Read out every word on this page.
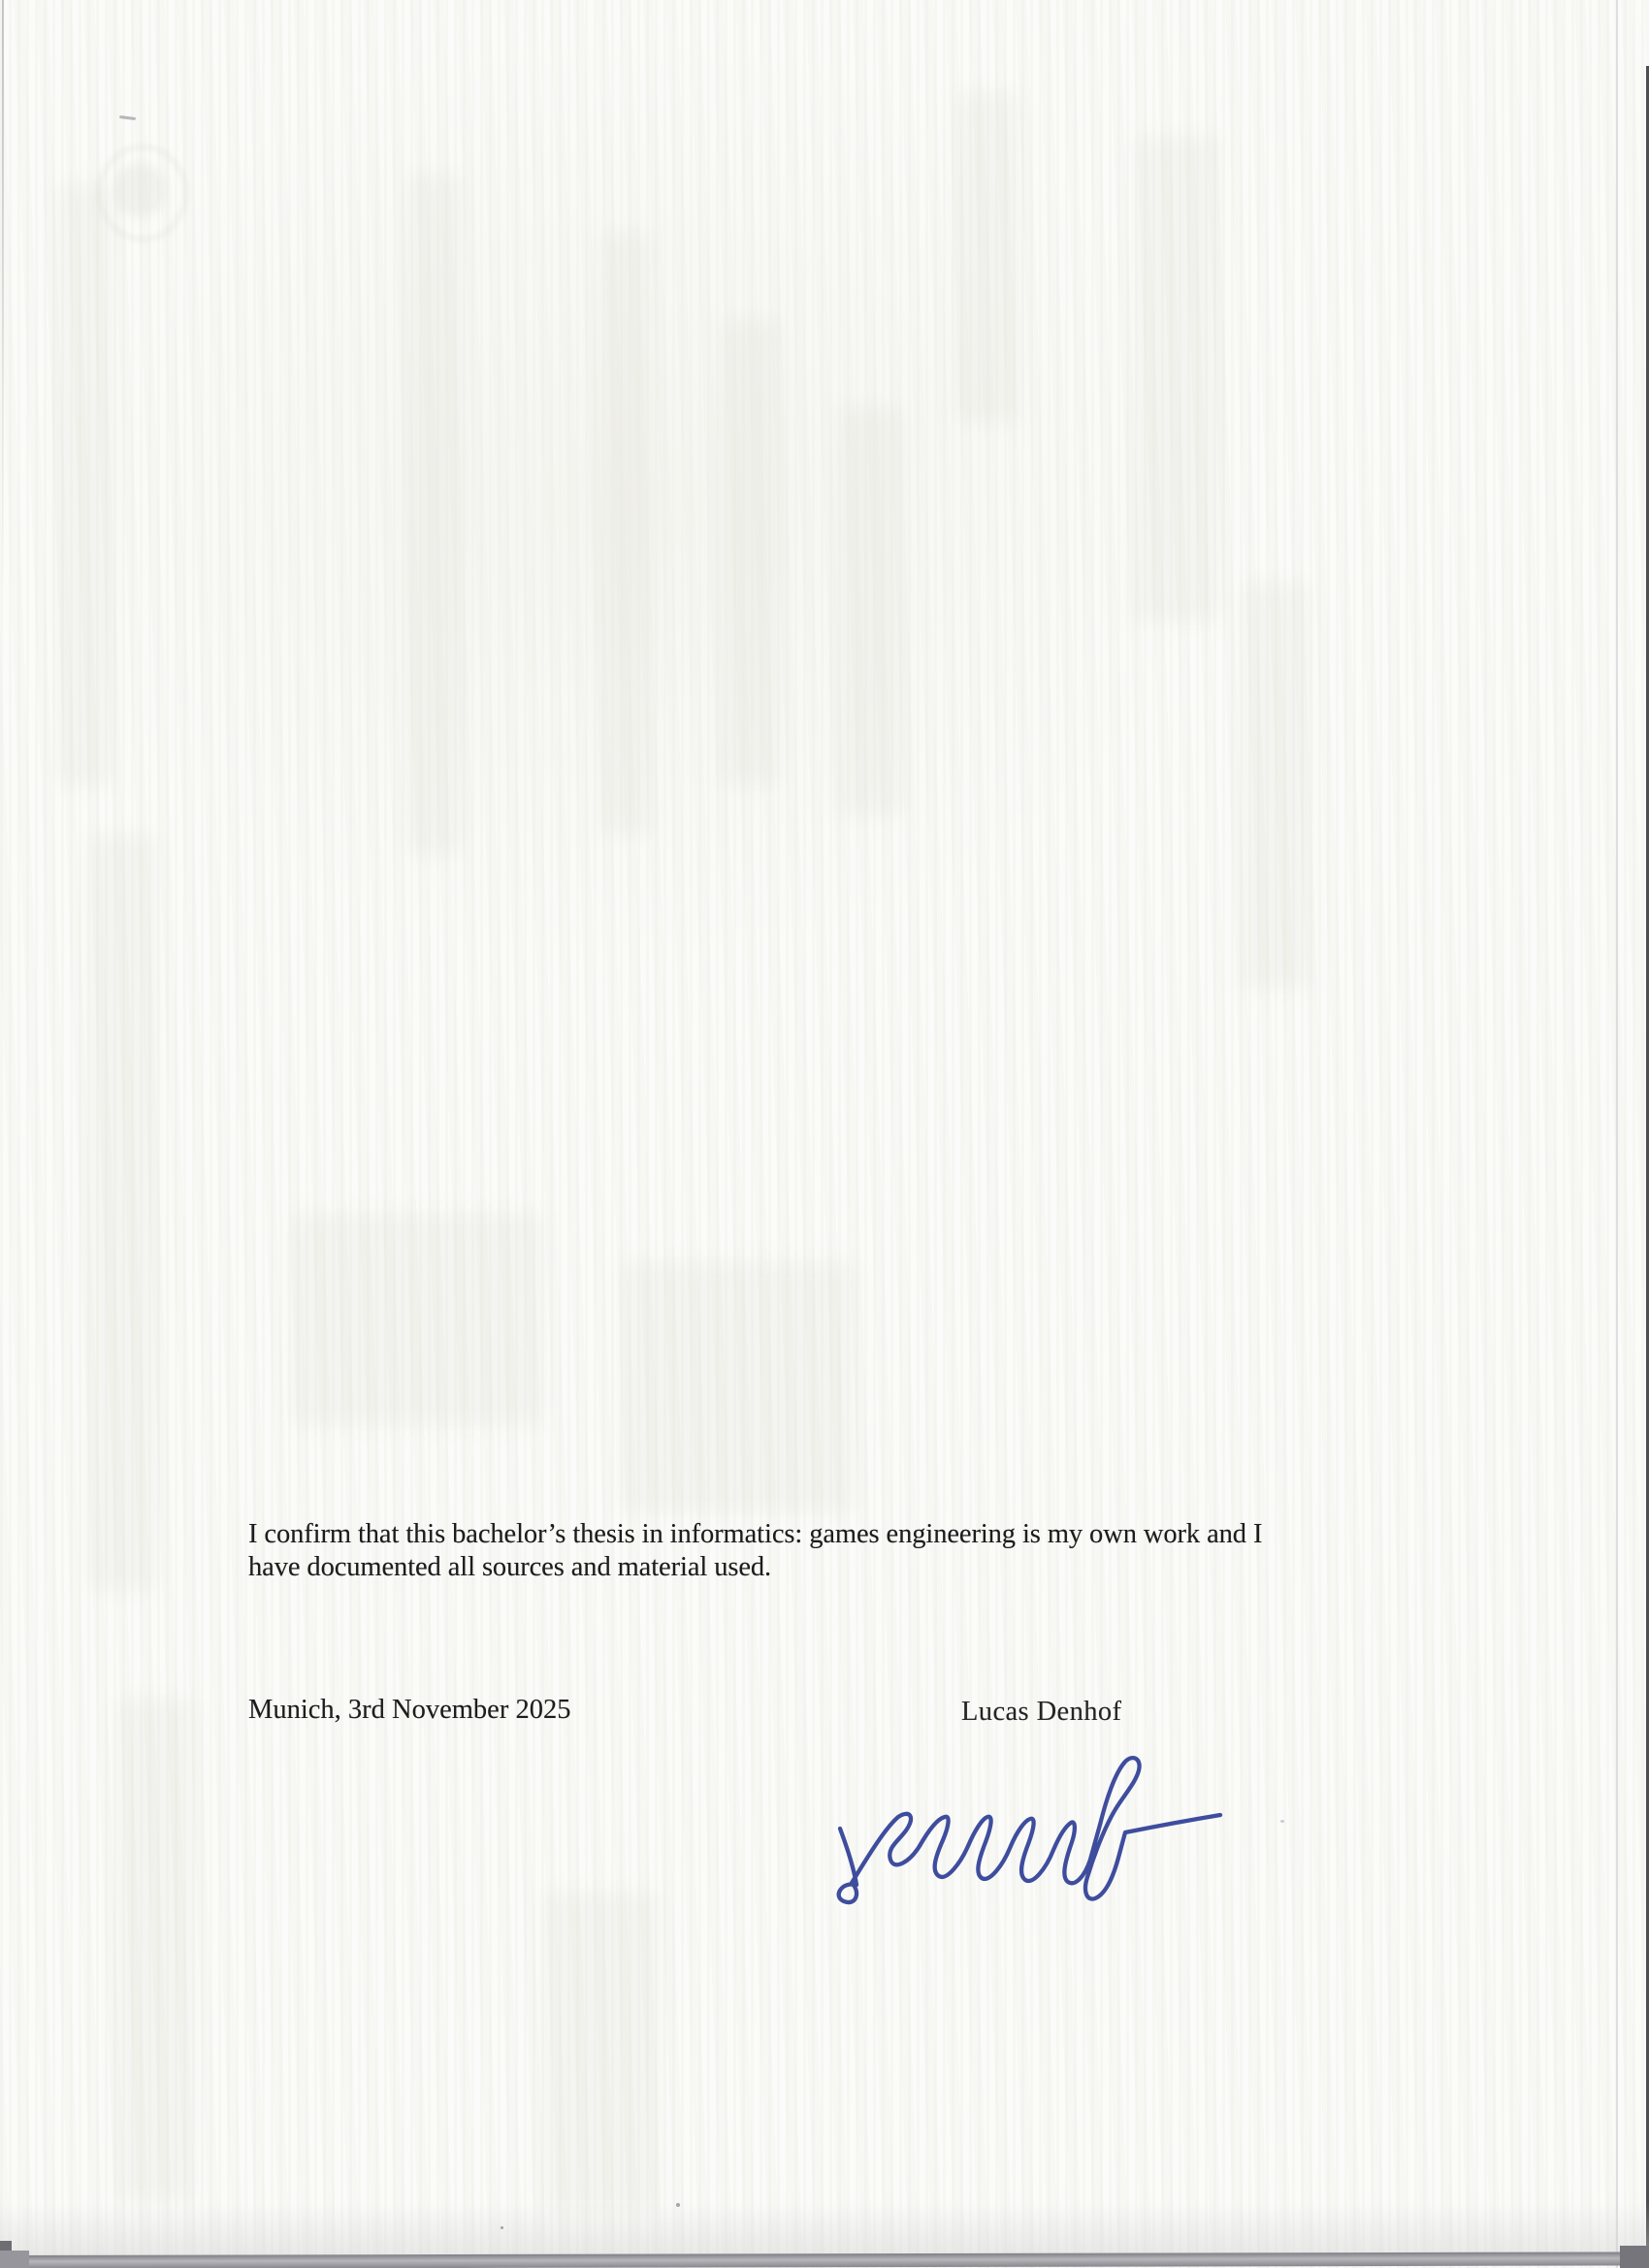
I confirm that this bachelor’s thesis in informatics: games engineering is my own work and I
have documented all sources and material used.
Munich, 3rd November 2025	Lucas Denhof
